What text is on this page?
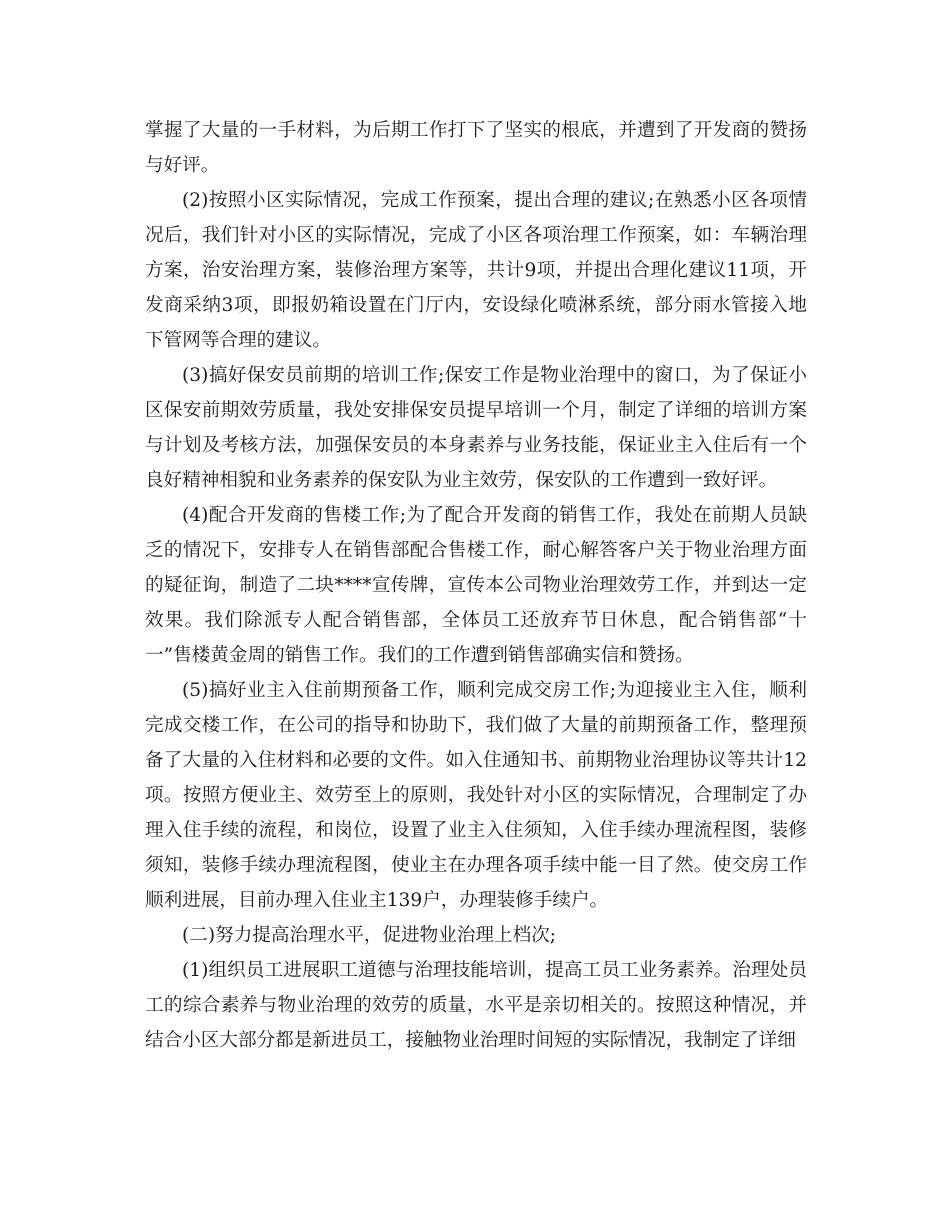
掌握了大量的一手材料，为后期工作打下了坚实的根底，并遭到了开发商的赞扬与好评。

(2)按照小区实际情况，完成工作预案，提出合理的建议;在熟悉小区各项情况后，我们针对小区的实际情况，完成了小区各项治理工作预案，如：车辆治理方案，治安治理方案，装修治理方案等，共计9项，并提出合理化建议11项，开发商采纳3项，即报奶箱设置在门厅内，安设绿化喷淋系统，部分雨水管接入地下管网等合理的建议。

(3)搞好保安员前期的培训工作;保安工作是物业治理中的窗口，为了保证小区保安前期效劳质量，我处安排保安员提早培训一个月，制定了详细的培训方案与计划及考核方法，加强保安员的本身素养与业务技能，保证业主入住后有一个良好精神相貌和业务素养的保安队为业主效劳，保安队的工作遭到一致好评。

(4)配合开发商的售楼工作;为了配合开发商的销售工作，我处在前期人员缺乏的情况下，安排专人在销售部配合售楼工作，耐心解答客户关于物业治理方面的疑征询，制造了二块****宣传牌，宣传本公司物业治理效劳工作，并到达一定效果。我们除派专人配合销售部，全体员工还放弃节日休息，配合销售部“十一”售楼黄金周的销售工作。我们的工作遭到销售部确实信和赞扬。

(5)搞好业主入住前期预备工作，顺利完成交房工作;为迎接业主入住，顺利完成交楼工作，在公司的指导和协助下，我们做了大量的前期预备工作，整理预备了大量的入住材料和必要的文件。如入住通知书、前期物业治理协议等共计12项。按照方便业主、效劳至上的原则，我处针对小区的实际情况，合理制定了办理入住手续的流程，和岗位，设置了业主入住须知，入住手续办理流程图，装修须知，装修手续办理流程图，使业主在办理各项手续中能一目了然。使交房工作顺利进展，目前办理入住业主139户，办理装修手续户。

(二)努力提高治理水平，促进物业治理上档次;

(1)组织员工进展职工道德与治理技能培训，提高工员工业务素养。治理处员工的综合素养与物业治理的效劳的质量，水平是亲切相关的。按照这种情况，并结合小区大部分都是新进员工，接触物业治理时间短的实际情况，我制定了详细
